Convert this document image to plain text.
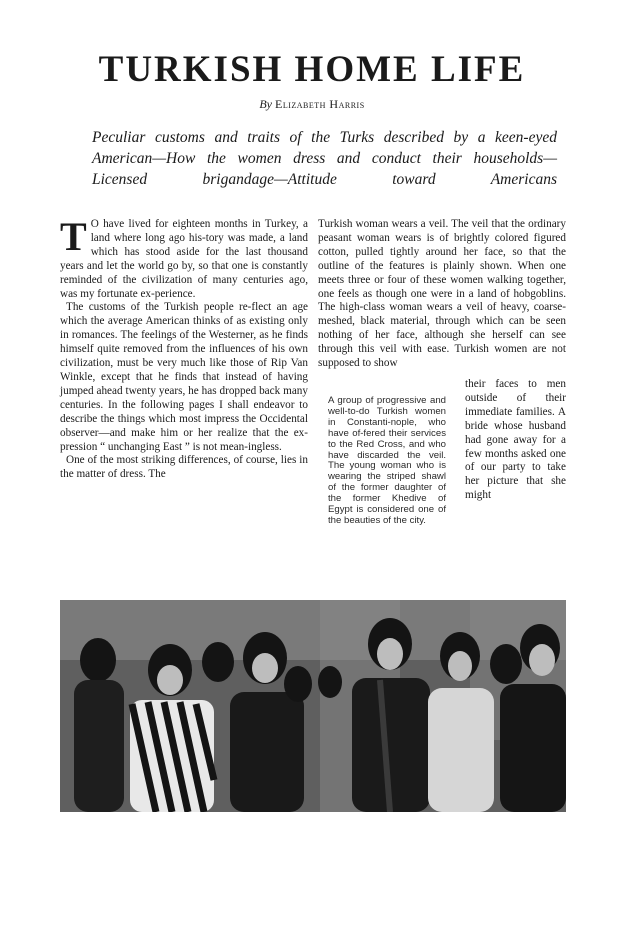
TURKISH HOME LIFE

By Elizabeth Harris

Peculiar customs and traits of the Turks described by a keen-eyed American—How the women dress and conduct their households—Licensed brigandage—Attitude toward Americans

T O have lived for eighteen months in Turkey, a land where long ago his-tory was made, a land which has stood aside for the last thousand years and let the world go by, so that one is constantly reminded of the civilization of many centuries ago, was my fortunate ex-perience.

The customs of the Turkish people re-flect an age which the average American thinks of as existing only in romances. The feelings of the Westerner, as he finds himself quite removed from the influences of his own civilization, must be very much like those of Rip Van Winkle, except that he finds that instead of having jumped ahead twenty years, he has dropped back many centuries. In the following pages I shall endeavor to describe the things which most impress the Occidental observer—and make him or her realize that the ex-pression “ unchanging East ” is not mean-ingless.

One of the most striking differences, of course, lies in the matter of dress. The

Turkish woman wears a veil. The veil that the ordinary peasant woman wears is of brightly colored figured cotton, pulled tightly around her face, so that the outline of the features is plainly shown. When one meets three or four of these women walking together, one feels as though one were in a land of hobgoblins. The high-class woman wears a veil of heavy, coarse-meshed, black material, through which can be seen nothing of her face, although she herself can see through this veil with ease. Turkish women are not supposed to show

A group of progressive and well-to-do Turkish women in Constanti-nople, who have of-fered their services to the Red Cross, and who have discarded the veil. The young woman who is wearing the striped shawl of the former daughter of the former Khedive of Egypt is considered one of the beauties of the city.

their faces to men outside of their immediate families. A bride whose husband had gone away for a few months asked one of our party to take her picture that she might
